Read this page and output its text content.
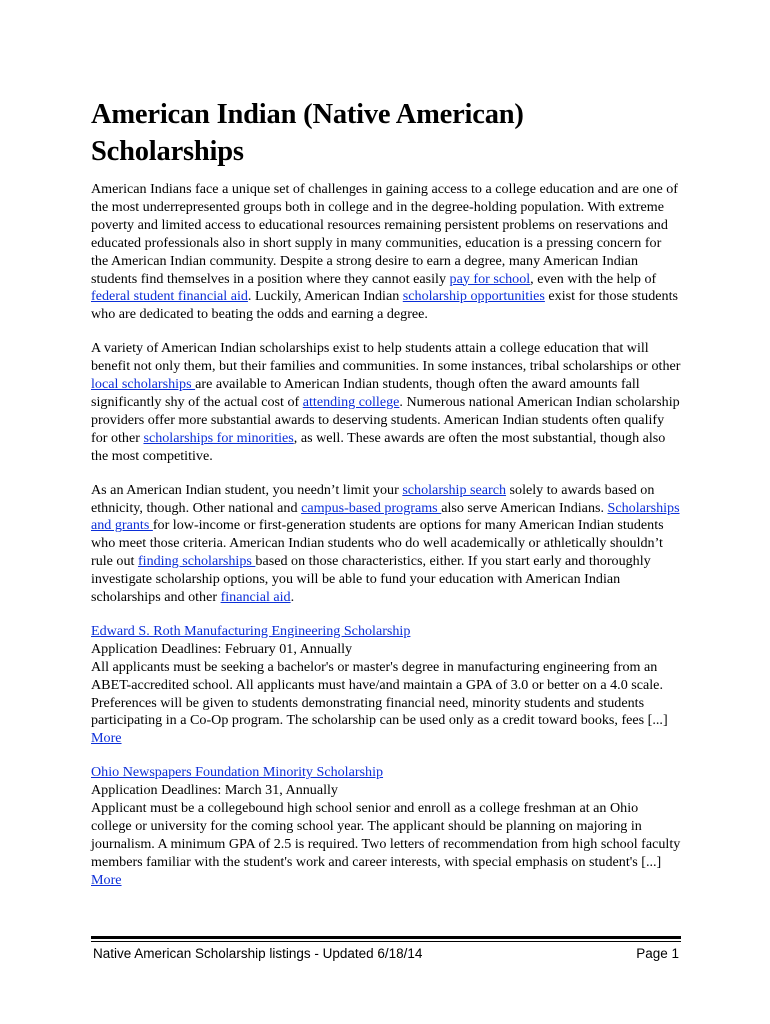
American Indian (Native American) Scholarships

American Indians face a unique set of challenges in gaining access to a college education and are one of the most underrepresented groups both in college and in the degree-holding population. With extreme poverty and limited access to educational resources remaining persistent problems on reservations and educated professionals also in short supply in many communities, education is a pressing concern for the American Indian community. Despite a strong desire to earn a degree, many American Indian students find themselves in a position where they cannot easily pay for school, even with the help of federal student financial aid. Luckily, American Indian scholarship opportunities exist for those students who are dedicated to beating the odds and earning a degree.

A variety of American Indian scholarships exist to help students attain a college education that will benefit not only them, but their families and communities. In some instances, tribal scholarships or other local scholarships are available to American Indian students, though often the award amounts fall significantly shy of the actual cost of attending college. Numerous national American Indian scholarship providers offer more substantial awards to deserving students. American Indian students often qualify for other scholarships for minorities, as well. These awards are often the most substantial, though also the most competitive.

As an American Indian student, you needn’t limit your scholarship search solely to awards based on ethnicity, though. Other national and campus-based programs also serve American Indians. Scholarships and grants for low-income or first-generation students are options for many American Indian students who meet those criteria. American Indian students who do well academically or athletically shouldn’t rule out finding scholarships based on those characteristics, either. If you start early and thoroughly investigate scholarship options, you will be able to fund your education with American Indian scholarships and other financial aid.

Edward S. Roth Manufacturing Engineering Scholarship
Application Deadlines: February 01, Annually
All applicants must be seeking a bachelor's or master's degree in manufacturing engineering from an ABET-accredited school. All applicants must have/and maintain a GPA of 3.0 or better on a 4.0 scale. Preferences will be given to students demonstrating financial need, minority students and students participating in a Co-Op program. The scholarship can be used only as a credit toward books, fees [...] More
Ohio Newspapers Foundation Minority Scholarship
Application Deadlines: March 31, Annually
Applicant must be a collegebound high school senior and enroll as a college freshman at an Ohio college or university for the coming school year. The applicant should be planning on majoring in journalism. A minimum GPA of 2.5 is required. Two letters of recommendation from high school faculty members familiar with the student's work and career interests, with special emphasis on student's [...] More
Native American Scholarship listings - Updated 6/18/14	Page 1
